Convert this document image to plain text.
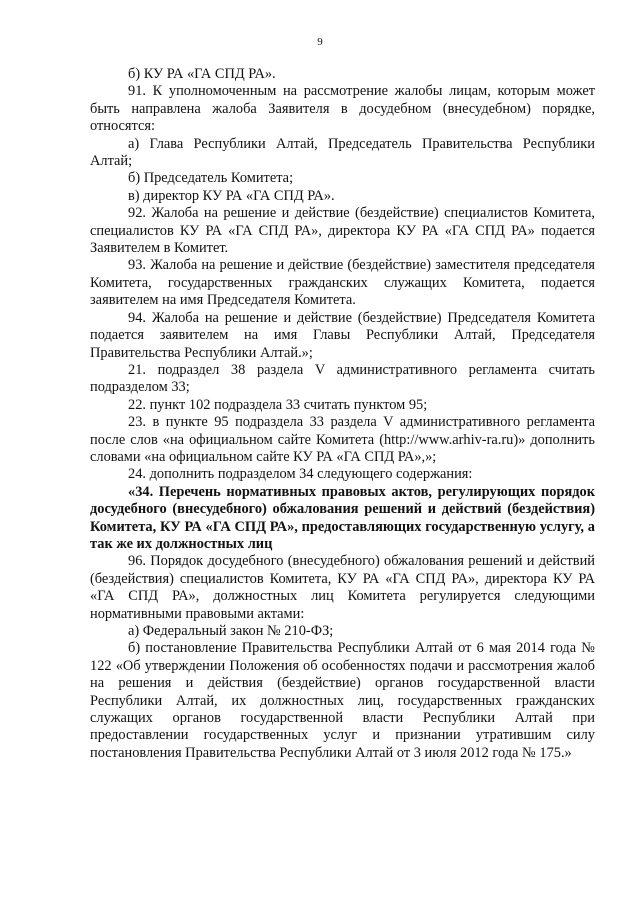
9

б) КУ РА «ГА СПД РА».

91. К уполномоченным на рассмотрение жалобы лицам, которым может быть направлена жалоба Заявителя в досудебном (внесудебном) порядке, относятся:

а) Глава Республики Алтай, Председатель Правительства Республики Алтай;

б) Председатель Комитета;

в) директор КУ РА «ГА СПД РА».

92. Жалоба на решение и действие (бездействие) специалистов Комитета, специалистов КУ РА «ГА СПД РА», директора КУ РА «ГА СПД РА» подается Заявителем в Комитет.

93. Жалоба на решение и действие (бездействие) заместителя председателя Комитета, государственных гражданских служащих Комитета, подается заявителем на имя Председателя Комитета.

94. Жалоба на решение и действие (бездействие) Председателя Комитета подается заявителем на имя Главы Республики Алтай, Председателя Правительства Республики Алтай.»;

21. подраздел 38 раздела V административного регламента считать подразделом 33;

22. пункт 102 подраздела 33 считать пунктом 95;

23. в пункте 95 подраздела 33 раздела V административного регламента после слов «на официальном сайте Комитета (http://www.arhiv-ra.ru)» дополнить словами «на официальном сайте КУ РА «ГА СПД РА»,»;

24. дополнить подразделом 34 следующего содержания:

«34. Перечень нормативных правовых актов, регулирующих порядок досудебного (внесудебного) обжалования решений и действий (бездействия) Комитета, КУ РА «ГА СПД РА», предоставляющих государственную услугу, а так же их должностных лиц

96. Порядок досудебного (внесудебного) обжалования решений и действий (бездействия) специалистов Комитета, КУ РА «ГА СПД РА», директора КУ РА «ГА СПД РА», должностных лиц Комитета регулируется следующими нормативными правовыми актами:

а) Федеральный закон № 210-ФЗ;

б) постановление Правительства Республики Алтай от 6 мая 2014 года № 122 «Об утверждении Положения об особенностях подачи и рассмотрения жалоб на решения и действия (бездействие) органов государственной власти Республики Алтай, их должностных лиц, государственных гражданских служащих органов государственной власти Республики Алтай при предоставлении государственных услуг и признании утратившим силу постановления Правительства Республики Алтай от 3 июля 2012 года № 175.»
